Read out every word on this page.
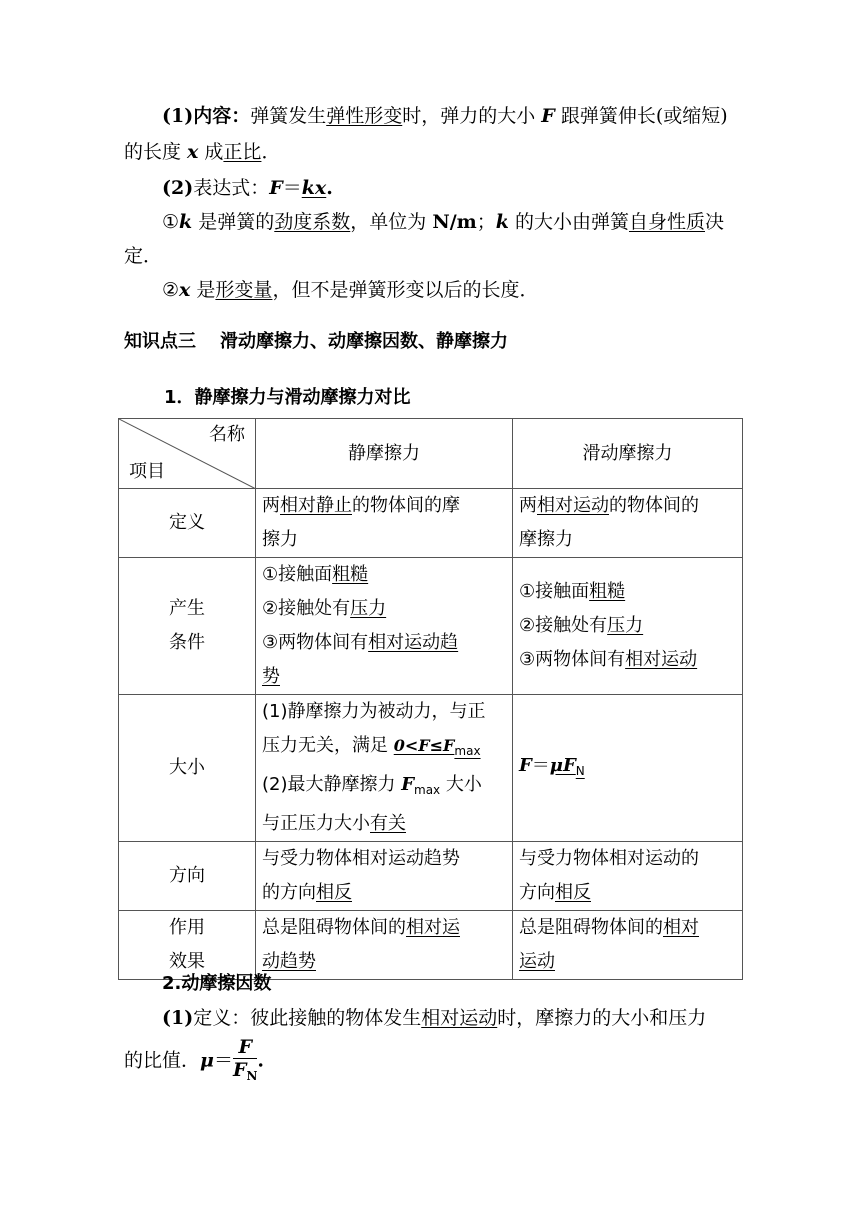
(1)内容：弹簧发生弹性形变时，弹力的大小 F 跟弹簧伸长(或缩短)
的长度 x 成正比．
(2)表达式：F＝kx.
①k 是弹簧的劲度系数，单位为 N/m；k 的大小由弹簧自身性质决
定．
②x 是形变量，但不是弹簧形变以后的长度．
知识点三 滑动摩擦力、动摩擦因数、静摩擦力
1．静摩擦力与滑动摩擦力对比
名称
项目	静摩擦力	滑动摩擦力
定义	两相对静止的物体间的摩
擦力	两相对运动的物体间的
摩擦力

产生
条件	①接触面粗糙
②接触处有压力
③两物体间有相对运动趋
势	①接触面粗糙
②接触处有压力
③两物体间有相对运动

大小	(1)静摩擦力为被动力，与正
压力无关，满足 $0<F\le F_{max}$
(2)最大静摩擦力 $F_{max}$ 大小
与正压力大小有关	$F=\mu F_N$

方向	与受力物体相对运动趋势
的方向相反	与受力物体相对运动的
方向相反

作用
效果	总是阻碍物体间的相对运
动趋势	总是阻碍物体间的相对
运动
2.动摩擦因数
(1)定义：彼此接触的物体发生相对运动时，摩擦力的大小和压力
的比值．$\mu= \frac{F}{F_N}$ .
